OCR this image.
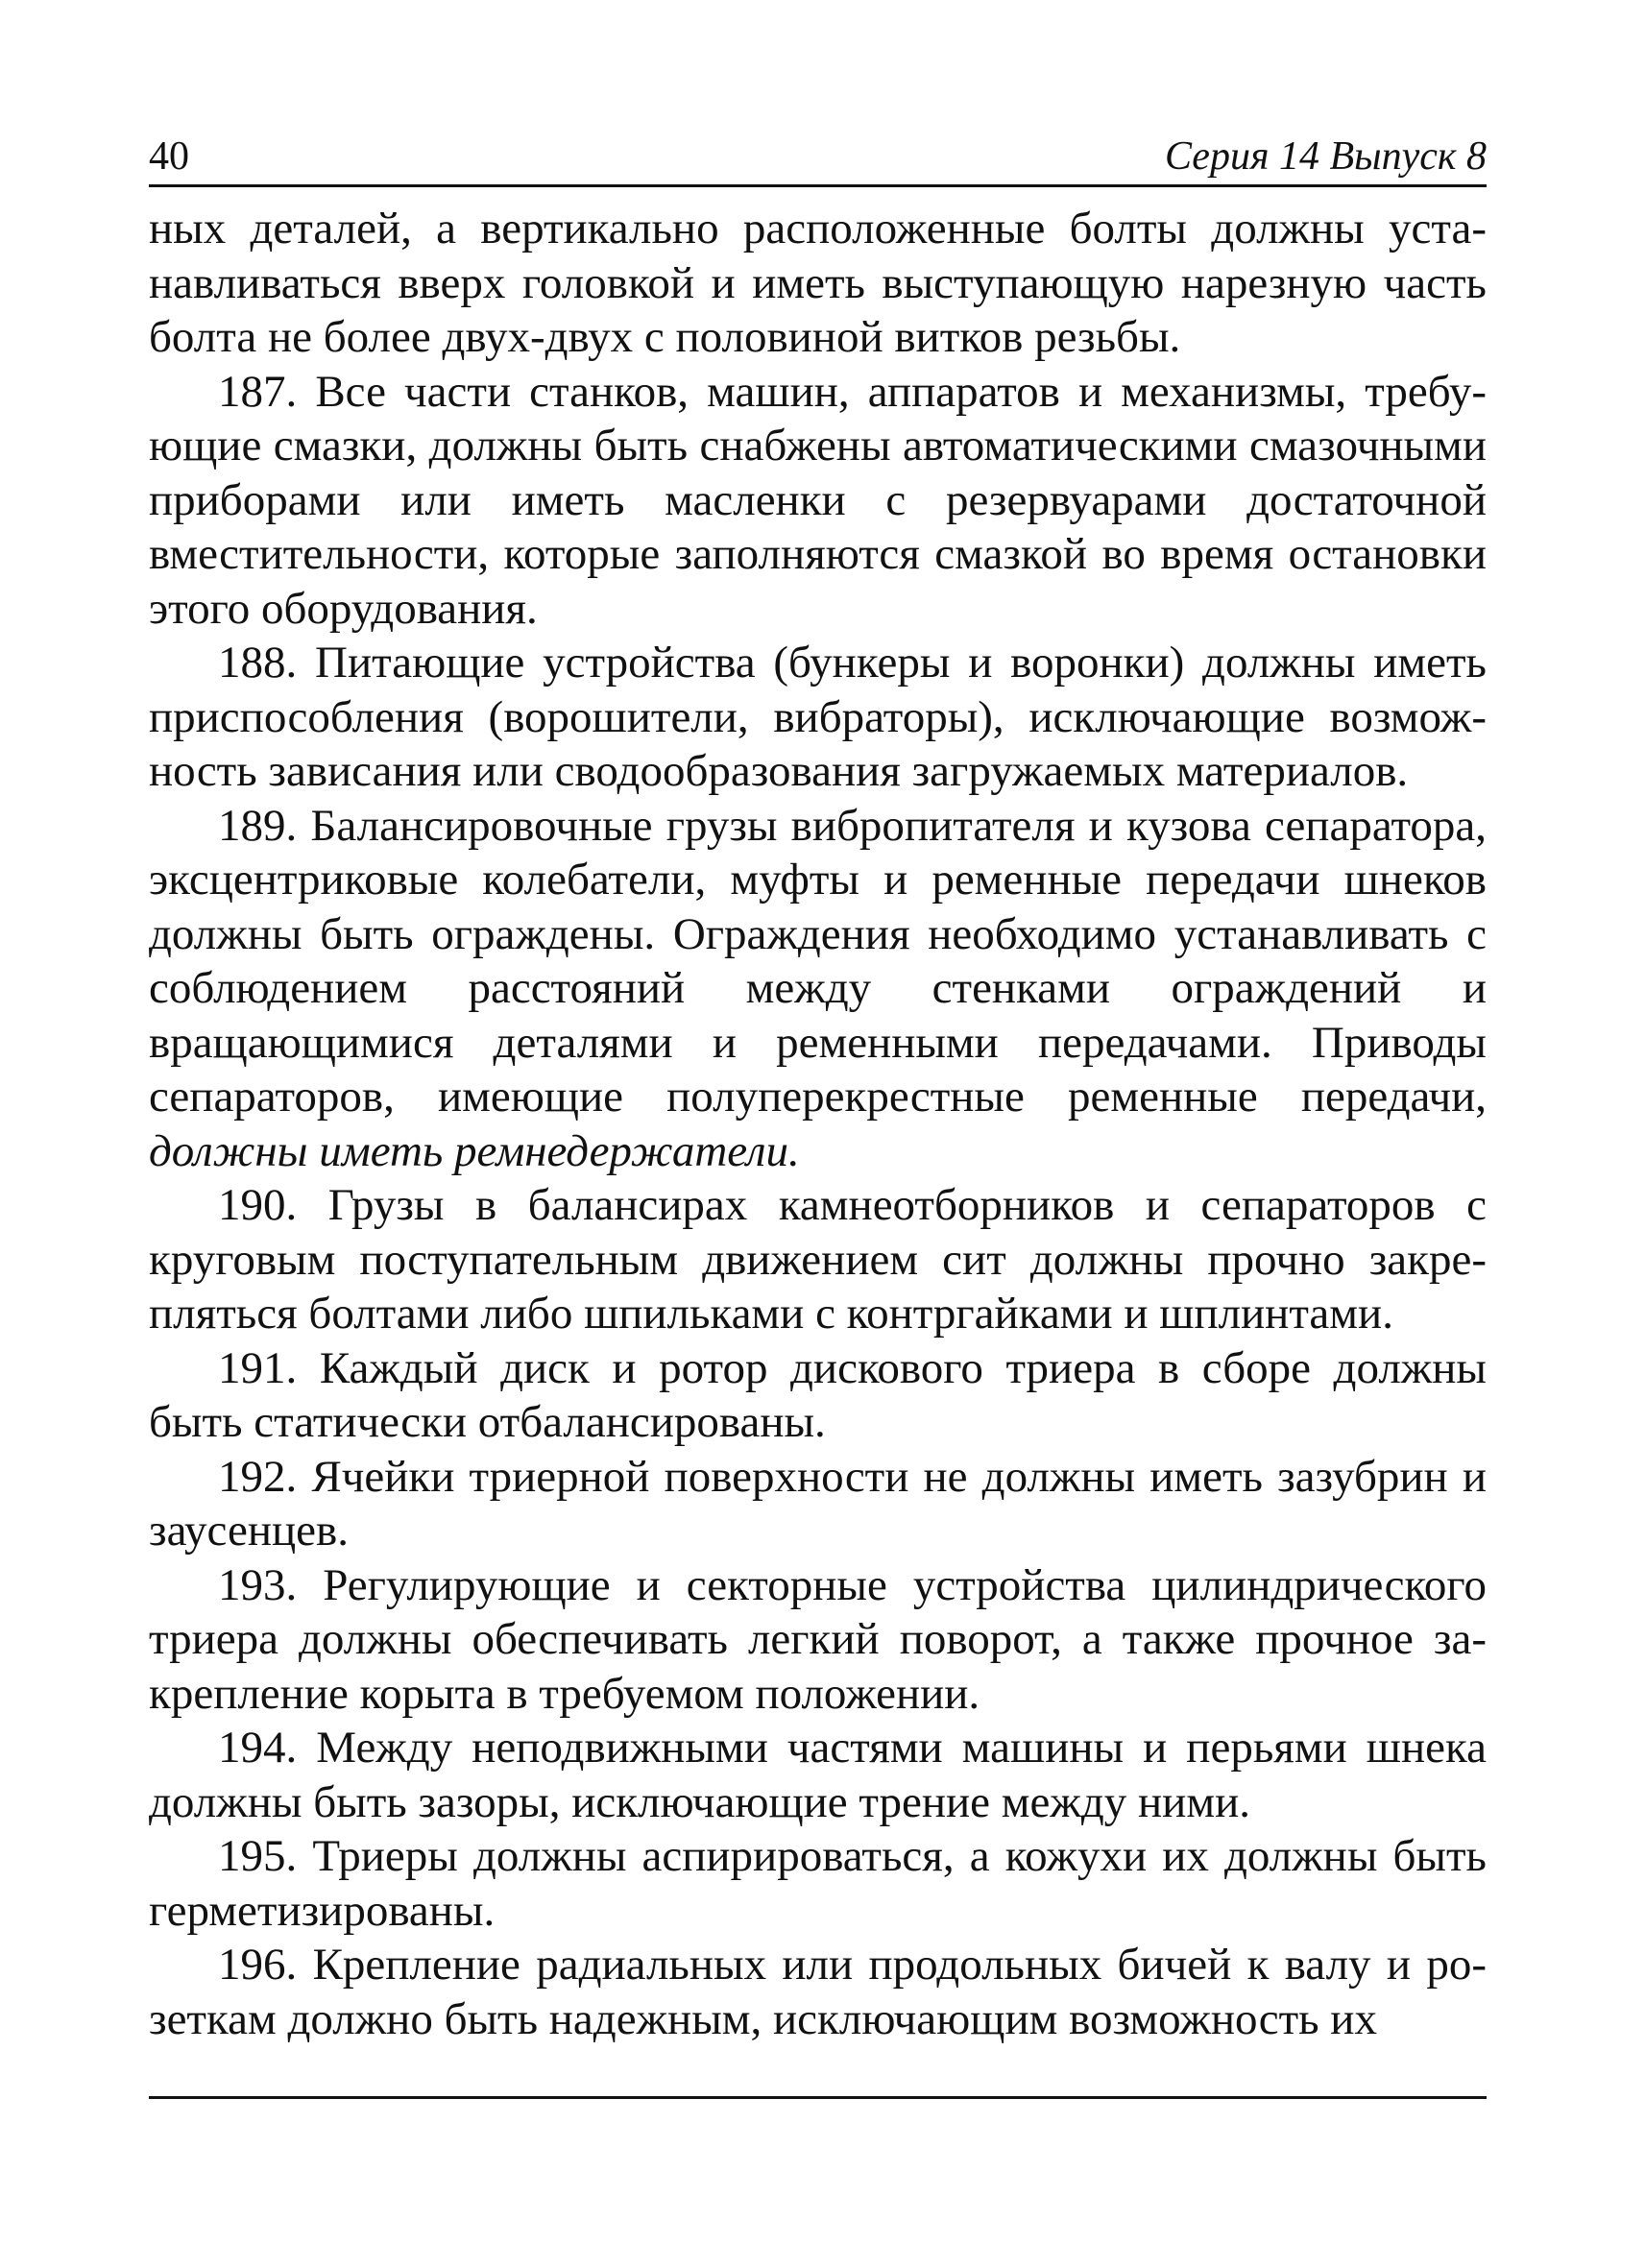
40	Серия 14 Выпуск 8

ных деталей, а вертикально расположенные болты должны устанавливаться вверх головкой и иметь выступающую нарезную часть болта не более двух-двух с половиной витков резьбы.

187. Все части станков, машин, аппаратов и механизмы, требующие смазки, должны быть снабжены автоматическими смазочными приборами или иметь масленки с резервуарами достаточной вместительности, которые заполняются смазкой во время остановки этого оборудования.

188. Питающие устройства (бункеры и воронки) должны иметь приспособления (ворошители, вибраторы), исключающие возможность зависания или сводообразования загружаемых материалов.

189. Балансировочные грузы вибропитателя и кузова сепаратора, эксцентриковые колебатели, муфты и ременные передачи шнеков должны быть ограждены. Ограждения необходимо устанавливать с соблюдением расстояний между стенками ограждений и вращающимися деталями и ременными передачами. Приводы сепараторов, имеющие полуперекрестные ременные передачи, должны иметь ремнедержатели.

190. Грузы в балансирах камнеотборников и сепараторов с круговым поступательным движением сит должны прочно закрепляться болтами либо шпильками с контргайками и шплинтами.

191. Каждый диск и ротор дискового триера в сборе должны быть статически отбалансированы.

192. Ячейки триерной поверхности не должны иметь зазубрин и заусенцев.

193. Регулирующие и секторные устройства цилиндрического триера должны обеспечивать легкий поворот, а также прочное закрепление корыта в требуемом положении.

194. Между неподвижными частями машины и перьями шнека должны быть зазоры, исключающие трение между ними.

195. Триеры должны аспирироваться, а кожухи их должны быть герметизированы.

196. Крепление радиальных или продольных бичей к валу и розеткам должно быть надежным, исключающим возможность их
